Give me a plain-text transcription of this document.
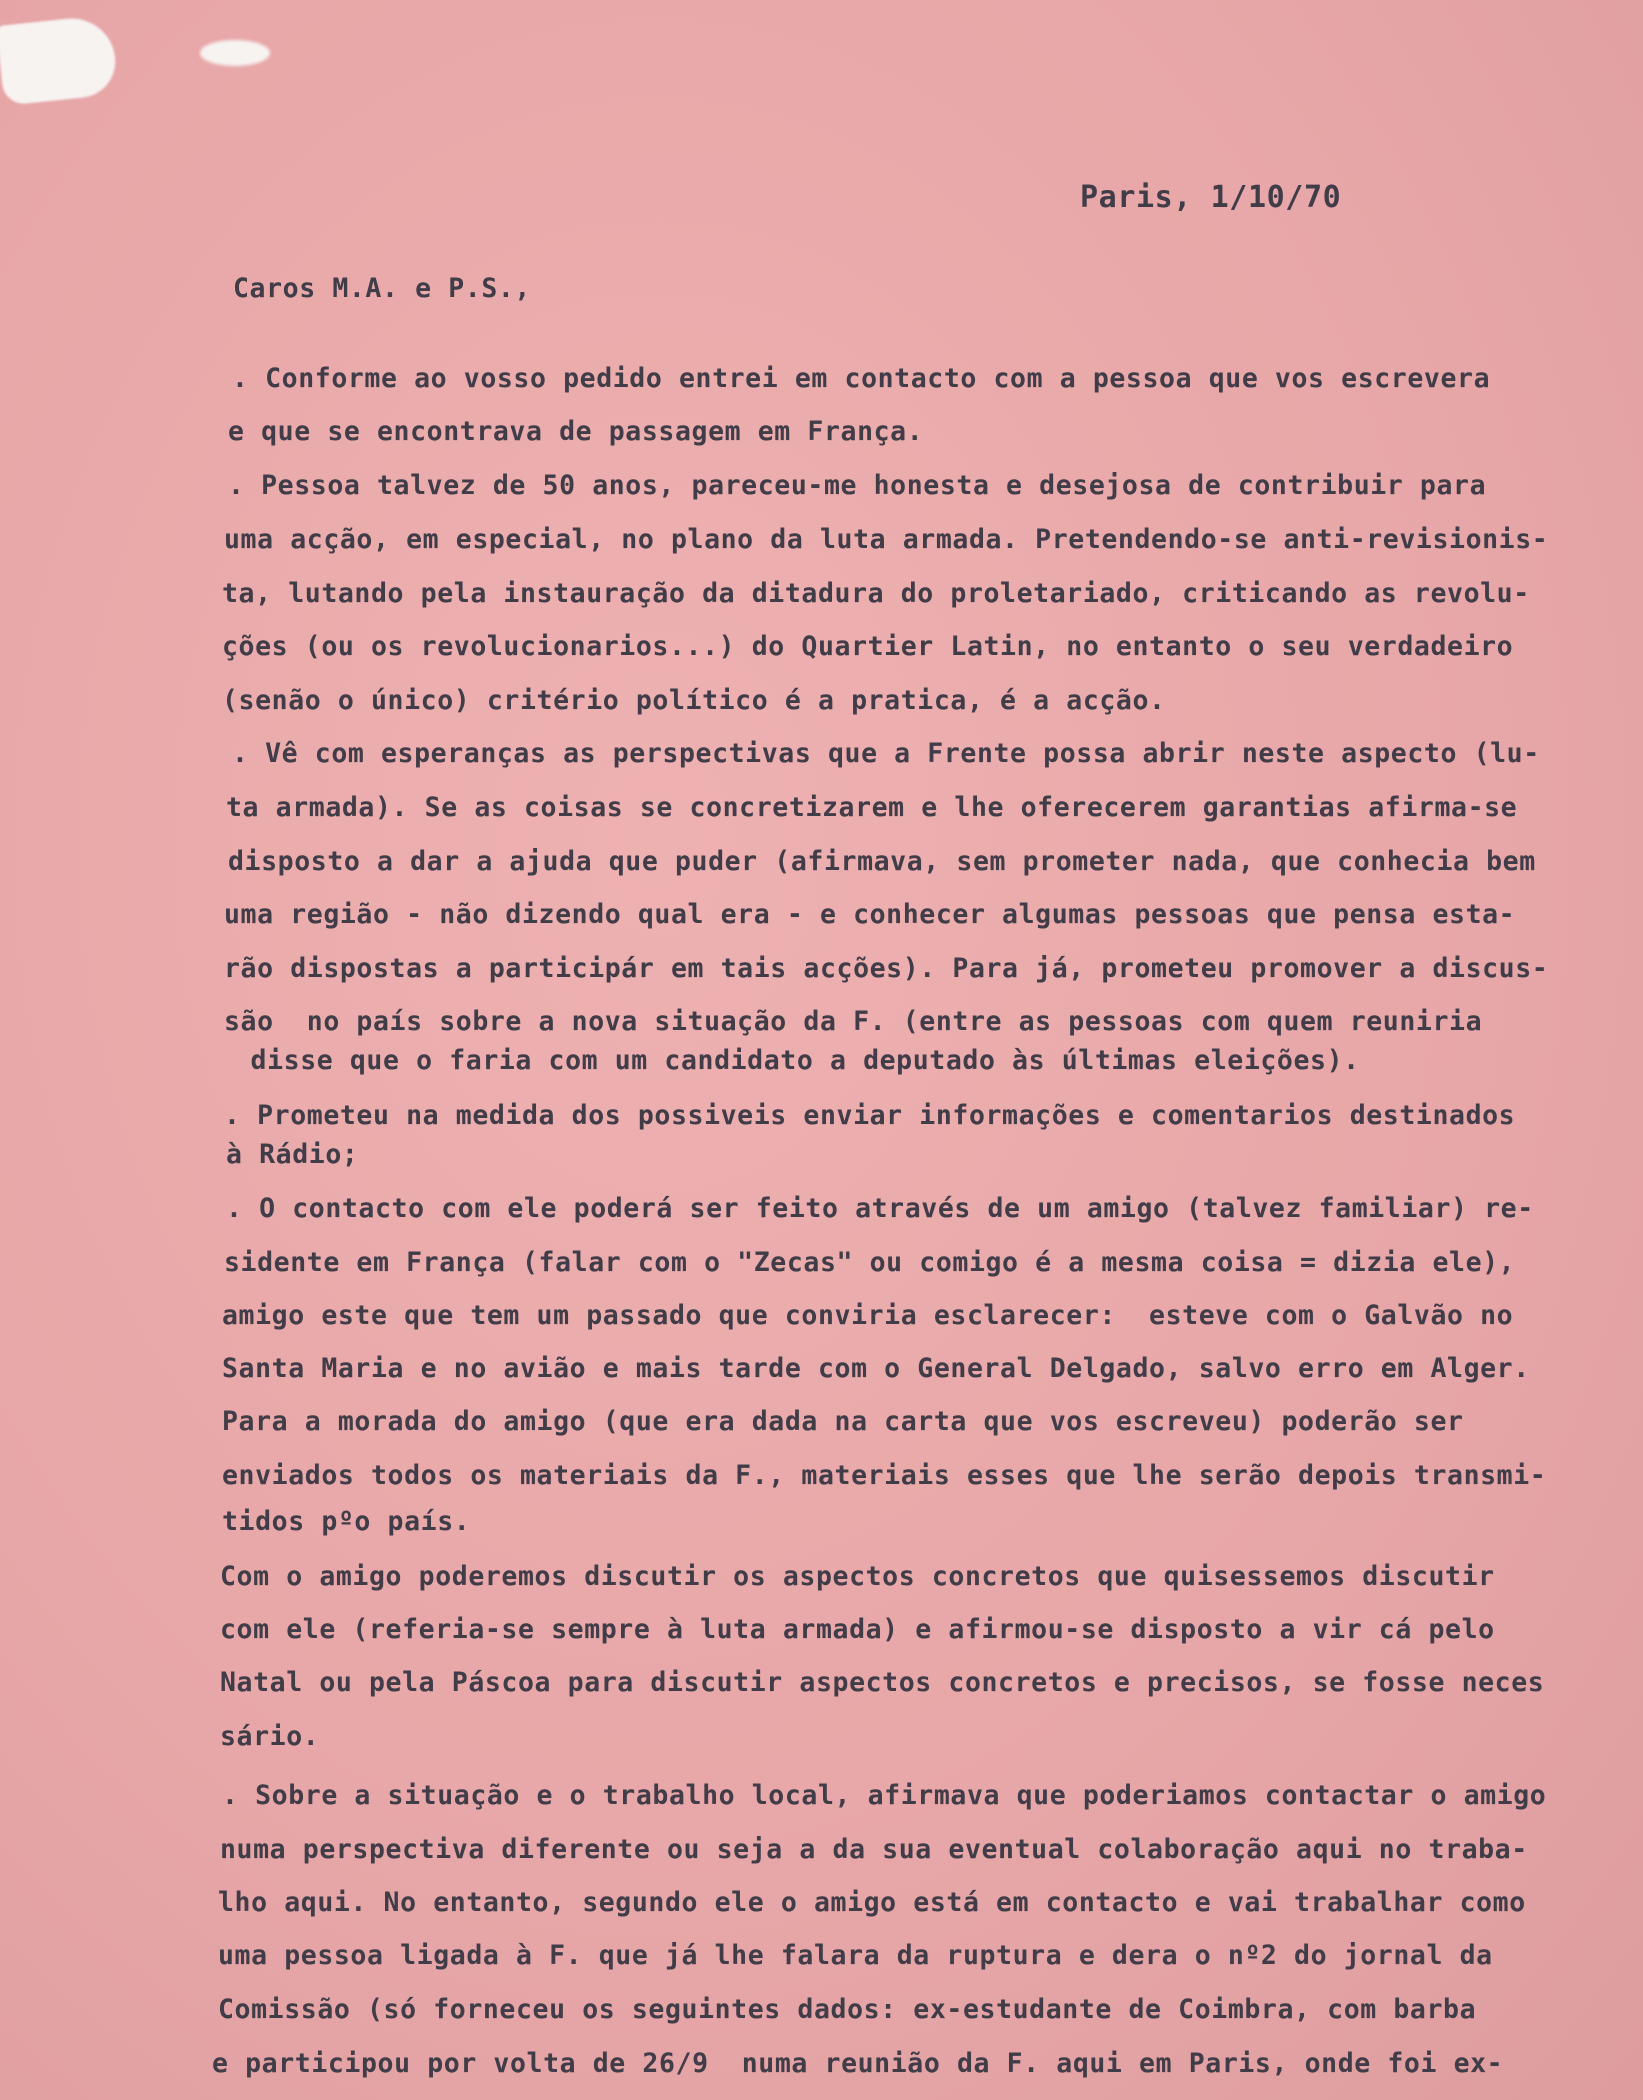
Paris, 1/10/70
Caros M.A. e P.S.,
. Conforme ao vosso pedido entrei em contacto com a pessoa que vos escrevera
e que se encontrava de passagem em França.
. Pessoa talvez de 50 anos, pareceu-me honesta e desejosa de contribuir para
uma acção, em especial, no plano da luta armada. Pretendendo-se anti-revisionis-
ta, lutando pela instauração da ditadura do proletariado, criticando as revolu-
ções (ou os revolucionarios...) do Quartier Latin, no entanto o seu verdadeiro
(senão o único) critério político é a pratica, é a acção.
. Vê com esperanças as perspectivas que a Frente possa abrir neste aspecto (lu-
ta armada). Se as coisas se concretizarem e lhe oferecerem garantias afirma-se
disposto a dar a ajuda que puder (afirmava, sem prometer nada, que conhecia bem
uma região - não dizendo qual era - e conhecer algumas pessoas que pensa esta-
rão dispostas a participár em tais acções). Para já, prometeu promover a discus-
são  no país sobre a nova situação da F. (entre as pessoas com quem reuniria
disse que o faria com um candidato a deputado às últimas eleições).
. Prometeu na medida dos possiveis enviar informações e comentarios destinados
à Rádio;
. O contacto com ele poderá ser feito através de um amigo (talvez familiar) re-
sidente em França (falar com o "Zecas" ou comigo é a mesma coisa = dizia ele),
amigo este que tem um passado que conviria esclarecer:  esteve com o Galvão no
Santa Maria e no avião e mais tarde com o General Delgado, salvo erro em Alger.
Para a morada do amigo (que era dada na carta que vos escreveu) poderão ser
enviados todos os materiais da F., materiais esses que lhe serão depois transmi-
tidos pºo país.
Com o amigo poderemos discutir os aspectos concretos que quisessemos discutir
com ele (referia-se sempre à luta armada) e afirmou-se disposto a vir cá pelo
Natal ou pela Páscoa para discutir aspectos concretos e precisos, se fosse neces
sário.
. Sobre a situação e o trabalho local, afirmava que poderiamos contactar o amigo
numa perspectiva diferente ou seja a da sua eventual colaboração aqui no traba-
lho aqui. No entanto, segundo ele o amigo está em contacto e vai trabalhar como
uma pessoa ligada à F. que já lhe falara da ruptura e dera o nº2 do jornal da
Comissão (só forneceu os seguintes dados: ex-estudante de Coimbra, com barba
e participou por volta de 26/9  numa reunião da F. aqui em Paris, onde foi ex-
